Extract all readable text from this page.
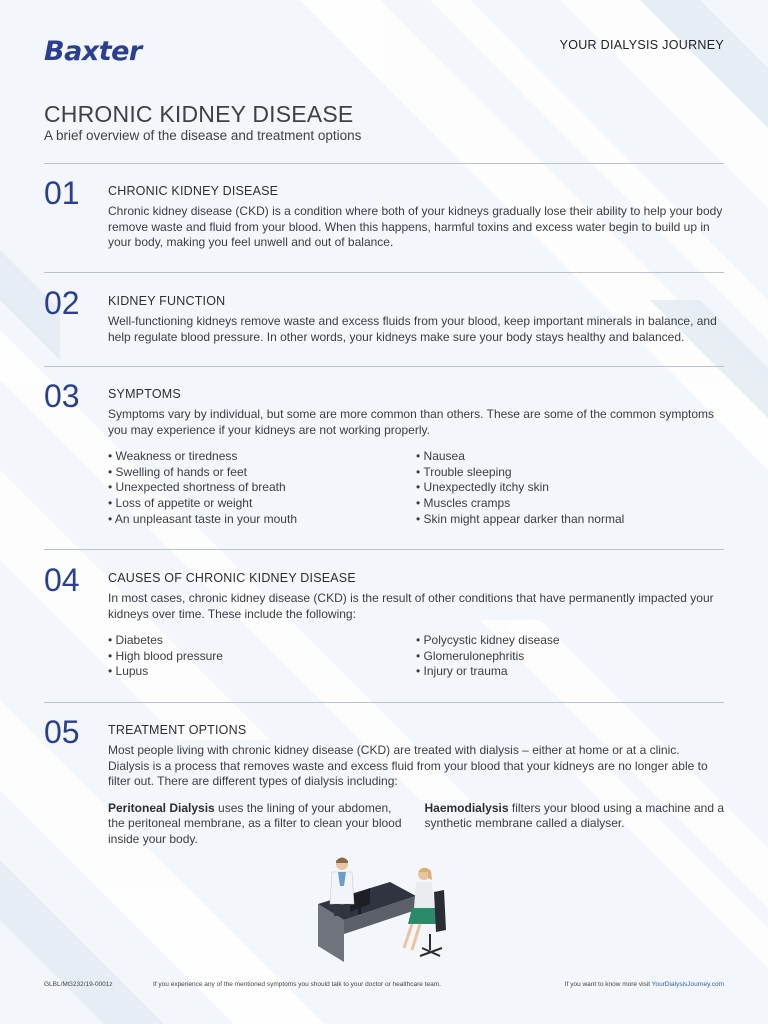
Baxter	YOUR DIALYSIS JOURNEY
CHRONIC KIDNEY DISEASE
A brief overview of the disease and treatment options
01 CHRONIC KIDNEY DISEASE

Chronic kidney disease (CKD) is a condition where both of your kidneys gradually lose their ability to help your body remove waste and fluid from your blood. When this happens, harmful toxins and excess water begin to build up in your body, making you feel unwell and out of balance.

02 KIDNEY FUNCTION

Well-functioning kidneys remove waste and excess fluids from your blood, keep important minerals in balance, and help regulate blood pressure. In other words, your kidneys make sure your body stays healthy and balanced.

03 SYMPTOMS

Symptoms vary by individual, but some are more common than others. These are some of the common symptoms you may experience if your kidneys are not working properly.

• Weakness or tiredness
• Swelling of hands or feet
• Unexpected shortness of breath
• Loss of appetite or weight
• An unpleasant taste in your mouth
• Nausea
• Trouble sleeping
• Unexpectedly itchy skin
• Muscles cramps
• Skin might appear darker than normal
04 CAUSES OF CHRONIC KIDNEY DISEASE

In most cases, chronic kidney disease (CKD) is the result of other conditions that have permanently impacted your kidneys over time. These include the following:

• Diabetes
• High blood pressure
• Lupus
• Polycystic kidney disease
• Glomerulonephritis
• Injury or trauma
05 TREATMENT OPTIONS

Most people living with chronic kidney disease (CKD) are treated with dialysis – either at home or at a clinic. Dialysis is a process that removes waste and excess fluid from your blood that your kidneys are no longer able to filter out. There are different types of dialysis including:

Peritoneal Dialysis uses the lining of your abdomen, the peritoneal membrane, as a filter to clean your blood inside your body.
Haemodialysis filters your blood using a machine and a synthetic membrane called a dialyser.
GLBL/MG232/19-0001z	If you experience any of the mentioned symptoms you should talk to your doctor or healthcare team.	If you want to know more visit YourDialysisJourney.com
